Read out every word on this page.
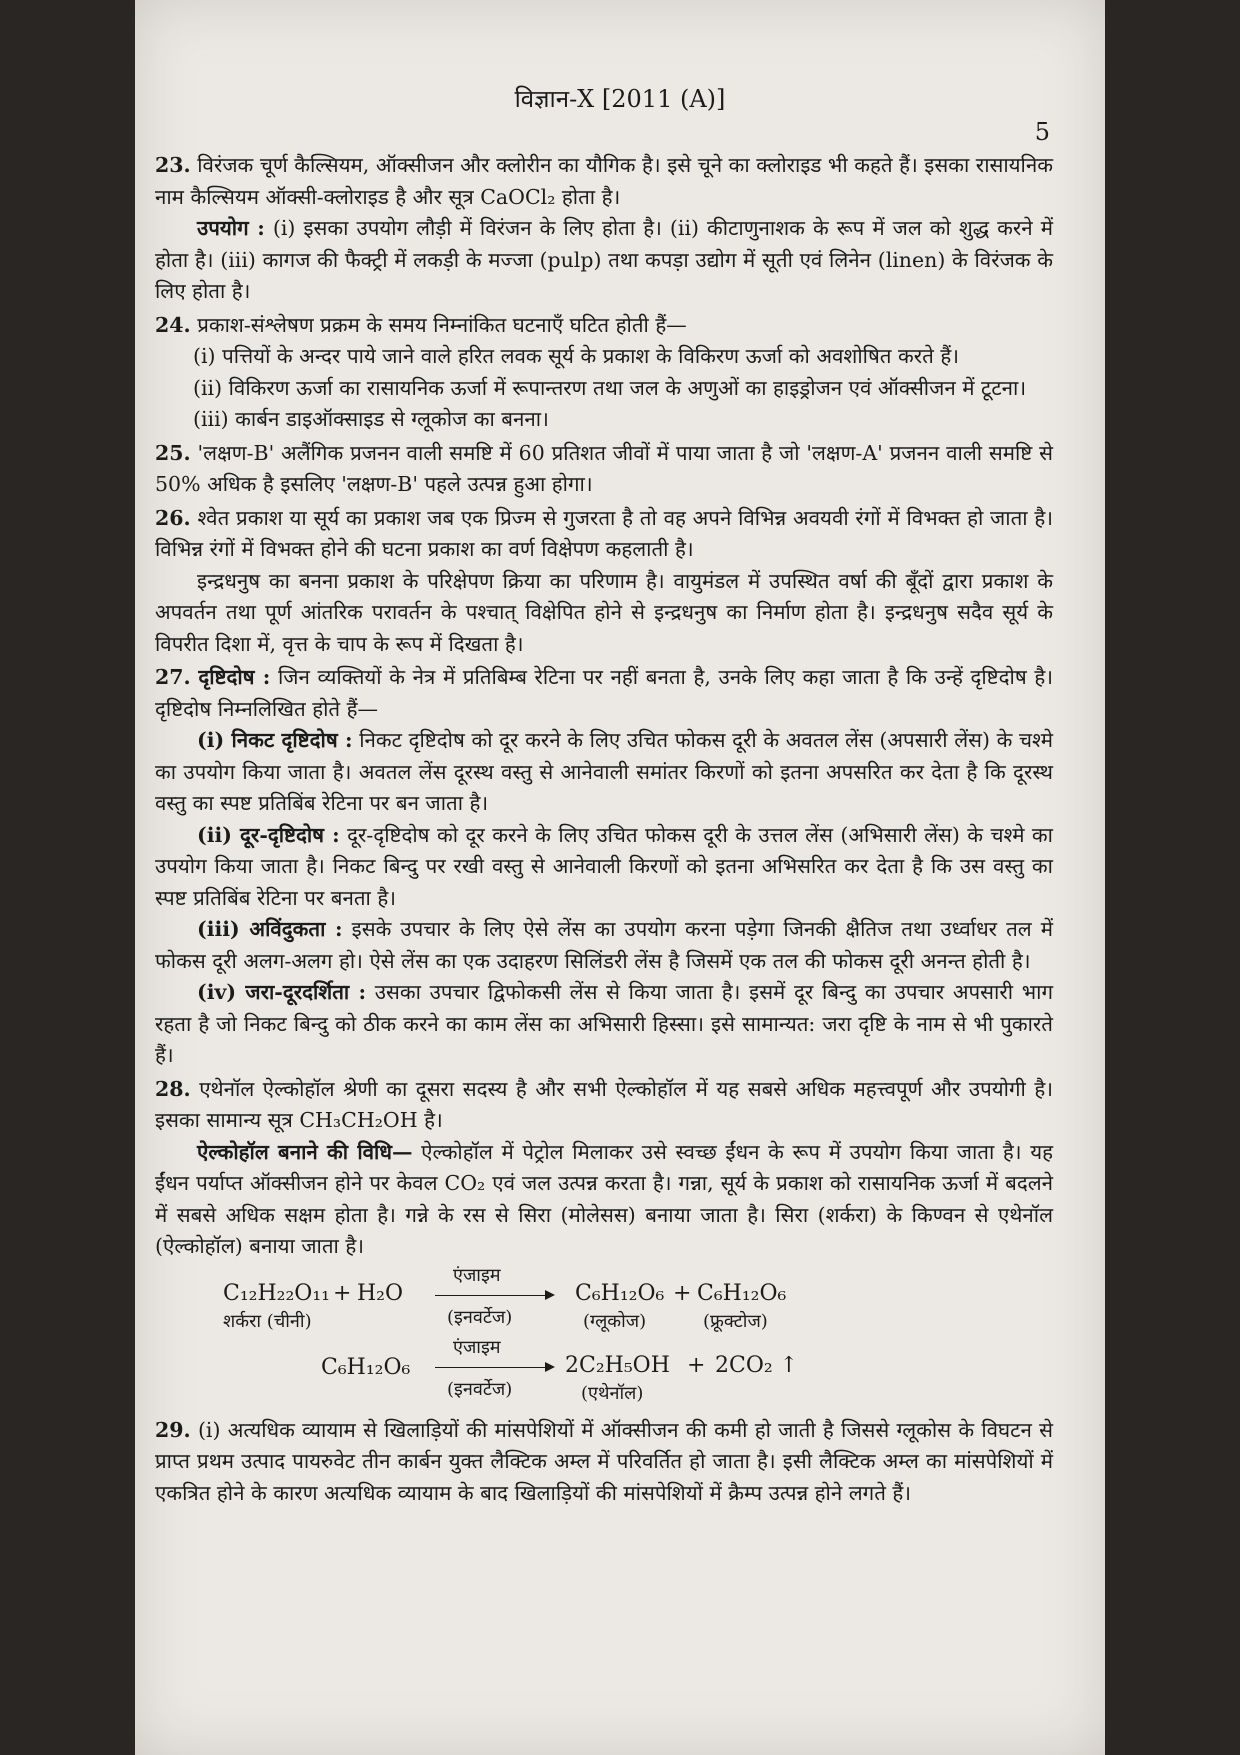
विज्ञान-X [2011 (A)]
5

23. विरंजक चूर्ण कैल्सियम, ऑक्सीजन और क्लोरीन का यौगिक है। इसे चूने का क्लोराइड भी कहते हैं। इसका रासायनिक नाम कैल्सियम ऑक्सी-क्लोराइड है और सूत्र CaOCl₂ होता है।

उपयोग : (i) इसका उपयोग लौड़ी में विरंजन के लिए होता है। (ii) कीटाणुनाशक के रूप में जल को शुद्ध करने में होता है। (iii) कागज की फैक्ट्री में लकड़ी के मज्जा (pulp) तथा कपड़ा उद्योग में सूती एवं लिनेन (linen) के विरंजक के लिए होता है।

24. प्रकाश-संश्लेषण प्रक्रम के समय निम्नांकित घटनाएँ घटित होती हैं—

(i) पत्तियों के अन्दर पाये जाने वाले हरित लवक सूर्य के प्रकाश के विकिरण ऊर्जा को अवशोषित करते हैं।

(ii) विकिरण ऊर्जा का रासायनिक ऊर्जा में रूपान्तरण तथा जल के अणुओं का हाइड्रोजन एवं ऑक्सीजन में टूटना।

(iii) कार्बन डाइऑक्साइड से ग्लूकोज का बनना।

25. 'लक्षण-B' अलैंगिक प्रजनन वाली समष्टि में 60 प्रतिशत जीवों में पाया जाता है जो 'लक्षण-A' प्रजनन वाली समष्टि से 50% अधिक है इसलिए 'लक्षण-B' पहले उत्पन्न हुआ होगा।

26. श्वेत प्रकाश या सूर्य का प्रकाश जब एक प्रिज्म से गुजरता है तो वह अपने विभिन्न अवयवी रंगों में विभक्त हो जाता है। विभिन्न रंगों में विभक्त होने की घटना प्रकाश का वर्ण विक्षेपण कहलाती है।

इन्द्रधनुष का बनना प्रकाश के परिक्षेपण क्रिया का परिणाम है। वायुमंडल में उपस्थित वर्षा की बूँदों द्वारा प्रकाश के अपवर्तन तथा पूर्ण आंतरिक परावर्तन के पश्चात् विक्षेपित होने से इन्द्रधनुष का निर्माण होता है। इन्द्रधनुष सदैव सूर्य के विपरीत दिशा में, वृत्त के चाप के रूप में दिखता है।

27. दृष्टिदोष : जिन व्यक्तियों के नेत्र में प्रतिबिम्ब रेटिना पर नहीं बनता है, उनके लिए कहा जाता है कि उन्हें दृष्टिदोष है। दृष्टिदोष निम्नलिखित होते हैं—

(i) निकट दृष्टिदोष : निकट दृष्टिदोष को दूर करने के लिए उचित फोकस दूरी के अवतल लेंस (अपसारी लेंस) के चश्मे का उपयोग किया जाता है। अवतल लेंस दूरस्थ वस्तु से आनेवाली समांतर किरणों को इतना अपसरित कर देता है कि दूरस्थ वस्तु का स्पष्ट प्रतिबिंब रेटिना पर बन जाता है।

(ii) दूर-दृष्टिदोष : दूर-दृष्टिदोष को दूर करने के लिए उचित फोकस दूरी के उत्तल लेंस (अभिसारी लेंस) के चश्मे का उपयोग किया जाता है। निकट बिन्दु पर रखी वस्तु से आनेवाली किरणों को इतना अभिसरित कर देता है कि उस वस्तु का स्पष्ट प्रतिबिंब रेटिना पर बनता है।

(iii) अविंदुकता : इसके उपचार के लिए ऐसे लेंस का उपयोग करना पड़ेगा जिनकी क्षैतिज तथा उर्ध्वाधर तल में फोकस दूरी अलग-अलग हो। ऐसे लेंस का एक उदाहरण सिलिंडरी लेंस है जिसमें एक तल की फोकस दूरी अनन्त होती है।

(iv) जरा-दूरदर्शिता : उसका उपचार द्विफोकसी लेंस से किया जाता है। इसमें दूर बिन्दु का उपचार अपसारी भाग रहता है जो निकट बिन्दु को ठीक करने का काम लेंस का अभिसारी हिस्सा। इसे सामान्यत: जरा दृष्टि के नाम से भी पुकारते हैं।

28. एथेनॉल ऐल्कोहॉल श्रेणी का दूसरा सदस्य है और सभी ऐल्कोहॉल में यह सबसे अधिक महत्त्वपूर्ण और उपयोगी है। इसका सामान्य सूत्र CH₃CH₂OH है।

ऐल्कोहॉल बनाने की विधि— ऐल्कोहॉल में पेट्रोल मिलाकर उसे स्वच्छ ईंधन के रूप में उपयोग किया जाता है। यह ईंधन पर्याप्त ऑक्सीजन होने पर केवल CO₂ एवं जल उत्पन्न करता है। गन्ना, सूर्य के प्रकाश को रासायनिक ऊर्जा में बदलने में सबसे अधिक सक्षम होता है। गन्ने के रस से सिरा (मोलेसस) बनाया जाता है। सिरा (शर्करा) के किण्वन से एथेनॉल (ऐल्कोहॉल) बनाया जाता है।

C₁₂H₂₂O₁₁ + H₂O
शर्करा (चीनी)
एंजाइम
(इनवर्टेज)
C₆H₁₂O₆ + C₆H₁₂O₆
(ग्लूकोज)	(फ्रूक्टोज)
C₆H₁₂O₆
एंजाइम
(इनवर्टेज)
2C₂H₅OH + 2CO₂ ↑
(एथेनॉल)

29. (i) अत्यधिक व्यायाम से खिलाड़ियों की मांसपेशियों में ऑक्सीजन की कमी हो जाती है जिससे ग्लूकोस के विघटन से प्राप्त प्रथम उत्पाद पायरुवेट तीन कार्बन युक्त लैक्टिक अम्ल में परिवर्तित हो जाता है। इसी लैक्टिक अम्ल का मांसपेशियों में एकत्रित होने के कारण अत्यधिक व्यायाम के बाद खिलाड़ियों की मांसपेशियों में क्रैम्प उत्पन्न होने लगते हैं।
